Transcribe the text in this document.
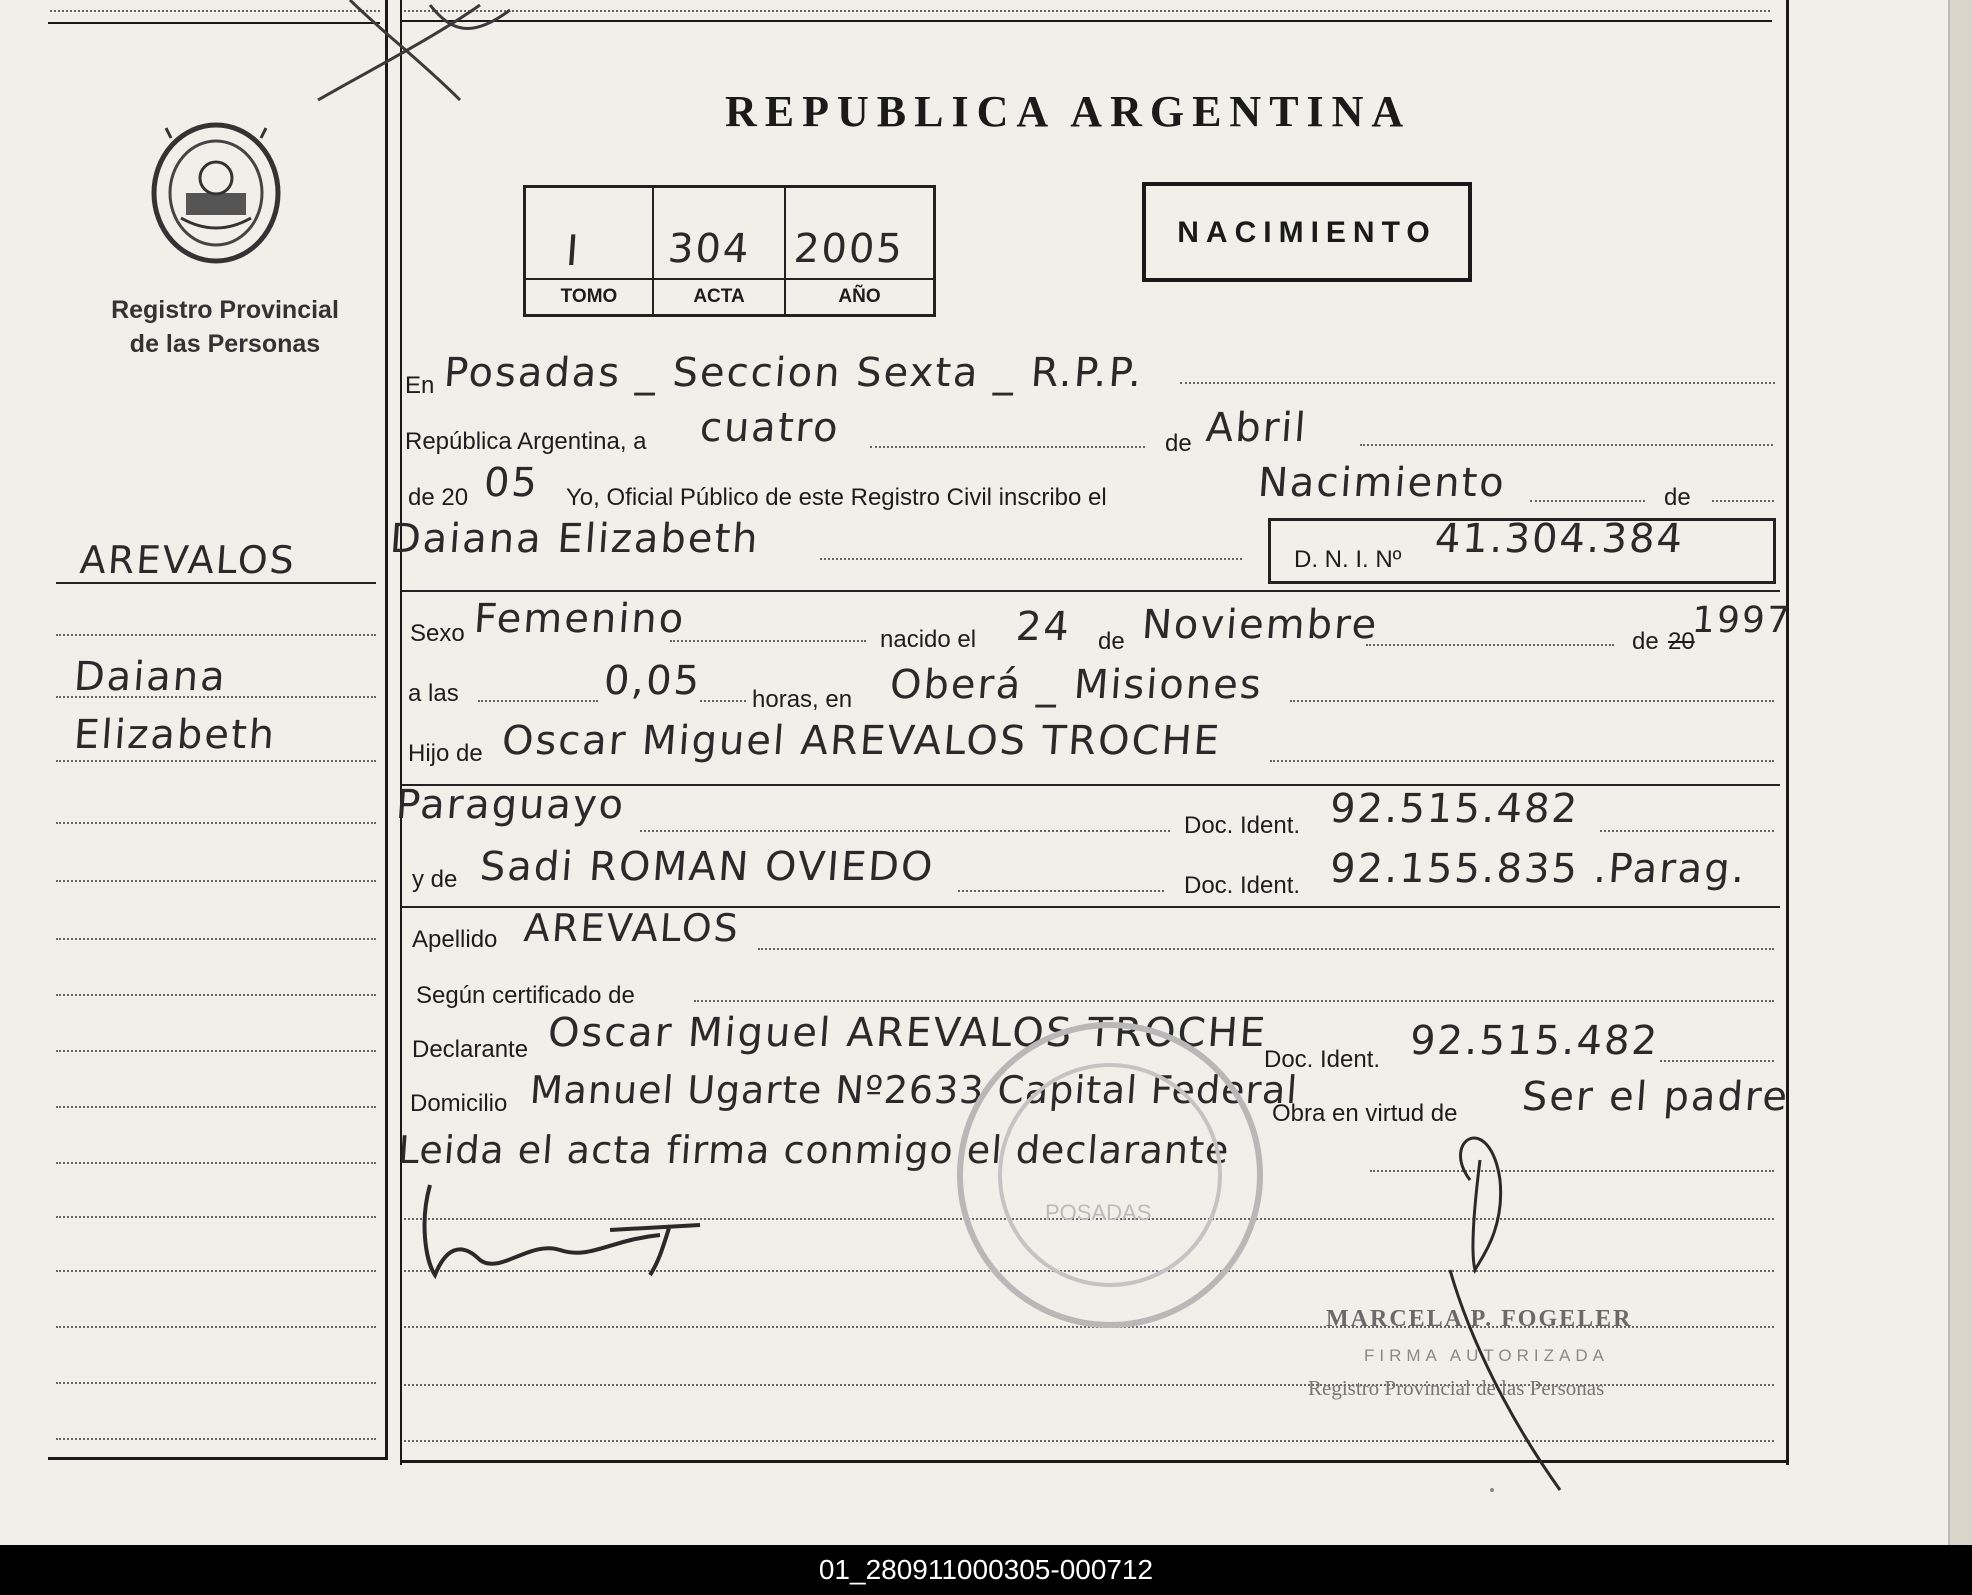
Registro Provincial
de las Personas
AREVALOS
Daiana
Elizabeth
REPUBLICA ARGENTINA
I 304 2005
TOMO	ACTA	AÑO
NACIMIENTO
En Posadas _ Seccion Sexta _ R.P.P.
República Argentina, a cuatro	de Abril
de 20 05 Yo, Oficial Público de este Registro Civil inscribo el	Nacimiento	de
Daiana Elizabeth	D. N. I. Nº 41.304.384
Sexo Femenino	nacido el 24 de Noviembre	de 20
1997
a las	0,05 horas, en Oberá _ Misiones
Hijo de Oscar Miguel AREVALOS TROCHE
Paraguayo	Doc. Ident. 92.515.482
y de Sadi ROMAN OVIEDO	Doc. Ident. 92.155.835 .Parag.
Apellido AREVALOS
Según certificado de
Declarante Oscar Miguel AREVALOS TROCHE
Doc. Ident. 92.515.482
Domicilio Manuel Ugarte Nº2633 Capital Federal
Obra en virtud de Ser el padre
Leida el acta firma conmigo el declarante
POSADAS
MARCELA P. FOGELER
FIRMA AUTORIZADA
Registro Provincial de las Personas
01_280911000305-000712
